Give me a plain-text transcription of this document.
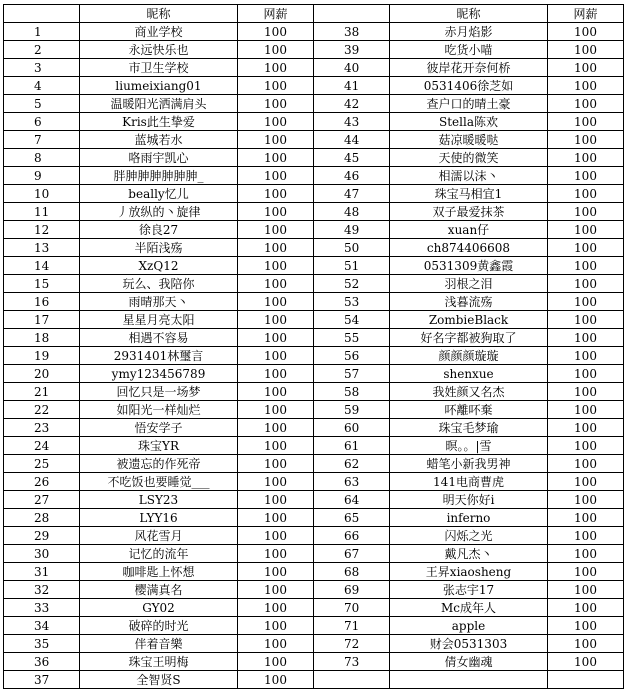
	昵称	网薪		昵称	网薪
1	商业学校	100	38	赤月焰影	100
2	永远快乐也	100	39	吃货小喵	100
3	市卫生学校	100	40	彼岸花开奈何桥	100
4	liumeixiang01	100	41	0531406徐芝如	100
5	温暖阳光洒满肩头	100	42	查户口的晴土豪	100
6	Kris此生挚爱	100	43	Stella陈欢	100
7	蓝城若水	100	44	菇凉暖暖哒	100
8	咯雨宇凯心	100	45	天使的微笑	100
9	胖胂胂胂胂胂胂_	100	46	相濡以沫丶	100
10	beally忆儿	100	47	珠宝马相宜1	100
11	丿放纵的丶旋律	100	48	双子最爱抹茶	100
12	徐良27	100	49	xuan仔	100
13	半陌浅殇	100	50	ch874406608	100
14	XzQ12	100	51	0531309黄鑫霞	100
15	玩么、我陪你	100	52	羽根之泪	100
16	雨晴那天丶	100	53	浅暮流殇	100
17	星星月亮太阳	100	54	ZombieBlack	100
18	相遇不容易	100	55	好名字都被狗取了	100
19	2931401林璽言	100	56	颜颜颜璇璇	100
20	ymy123456789	100	57	shenxue	100
21	回忆只是一场梦	100	58	我姓颜又名杰	100
22	如阳光一样灿烂	100	59	吥離吥棄	100
23	悟安学子	100	60	珠宝毛梦瑜	100
24	珠宝YR	100	61	暝。。|雪	100
25	被遗忘的作死帝	100	62	蜡笔小新我男神	100
26	不吃饭也要睡觉___	100	63	141电商曹虎	100
27	LSY23	100	64	明天你好i	100
28	LYY16	100	65	inferno	100
29	风花雪月	100	66	闪烁之光	100
30	记忆的流年	100	67	戴凡杰丶	100
31	咖啡匙上怀想	100	68	王昇xiaosheng	100
32	樱满真名	100	69	张志宇17	100
33	GY02	100	70	Mc成年人	100
34	破碎的时光	100	71	apple	100
35	伴着音樂	100	72	财会0531303	100
36	珠宝王明梅	100	73	倩女幽魂	100
37	全智贤S	100			
